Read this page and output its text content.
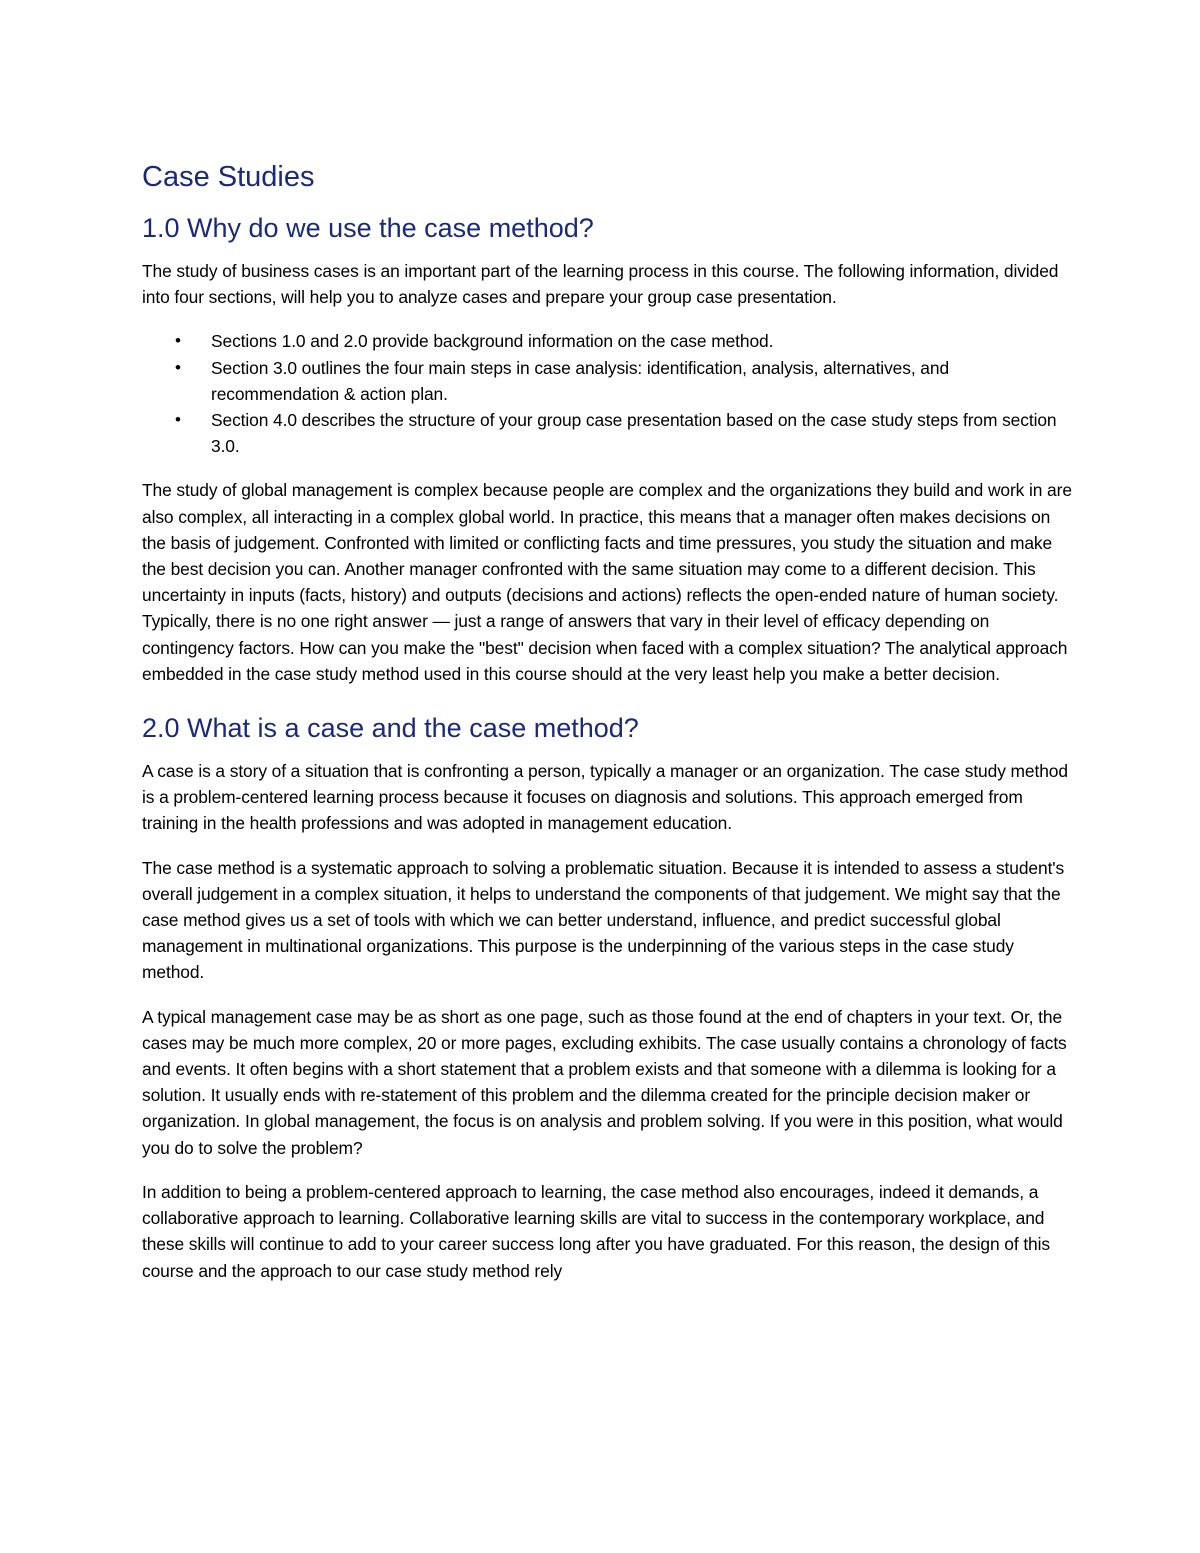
Case Studies
1.0 Why do we use the case method?

The study of business cases is an important part of the learning process in this course. The following information, divided into four sections, will help you to analyze cases and prepare your group case presentation.

• Sections 1.0 and 2.0 provide background information on the case method.
• Section 3.0 outlines the four main steps in case analysis: identification, analysis, alternatives, and recommendation & action plan.
• Section 4.0 describes the structure of your group case presentation based on the case study steps from section 3.0.

The study of global management is complex because people are complex and the organizations they build and work in are also complex, all interacting in a complex global world. In practice, this means that a manager often makes decisions on the basis of judgement. Confronted with limited or conflicting facts and time pressures, you study the situation and make the best decision you can. Another manager confronted with the same situation may come to a different decision. This uncertainty in inputs (facts, history) and outputs (decisions and actions) reflects the open-ended nature of human society. Typically, there is no one right answer — just a range of answers that vary in their level of efficacy depending on contingency factors. How can you make the "best" decision when faced with a complex situation? The analytical approach embedded in the case study method used in this course should at the very least help you make a better decision.

2.0 What is a case and the case method?

A case is a story of a situation that is confronting a person, typically a manager or an organization. The case study method is a problem-centered learning process because it focuses on diagnosis and solutions. This approach emerged from training in the health professions and was adopted in management education.

The case method is a systematic approach to solving a problematic situation. Because it is intended to assess a student's overall judgement in a complex situation, it helps to understand the components of that judgement. We might say that the case method gives us a set of tools with which we can better understand, influence, and predict successful global management in multinational organizations. This purpose is the underpinning of the various steps in the case study method.

A typical management case may be as short as one page, such as those found at the end of chapters in your text. Or, the cases may be much more complex, 20 or more pages, excluding exhibits. The case usually contains a chronology of facts and events. It often begins with a short statement that a problem exists and that someone with a dilemma is looking for a solution. It usually ends with re-statement of this problem and the dilemma created for the principle decision maker or organization. In global management, the focus is on analysis and problem solving. If you were in this position, what would you do to solve the problem?

In addition to being a problem-centered approach to learning, the case method also encourages, indeed it demands, a collaborative approach to learning. Collaborative learning skills are vital to success in the contemporary workplace, and these skills will continue to add to your career success long after you have graduated. For this reason, the design of this course and the approach to our case study method rely
